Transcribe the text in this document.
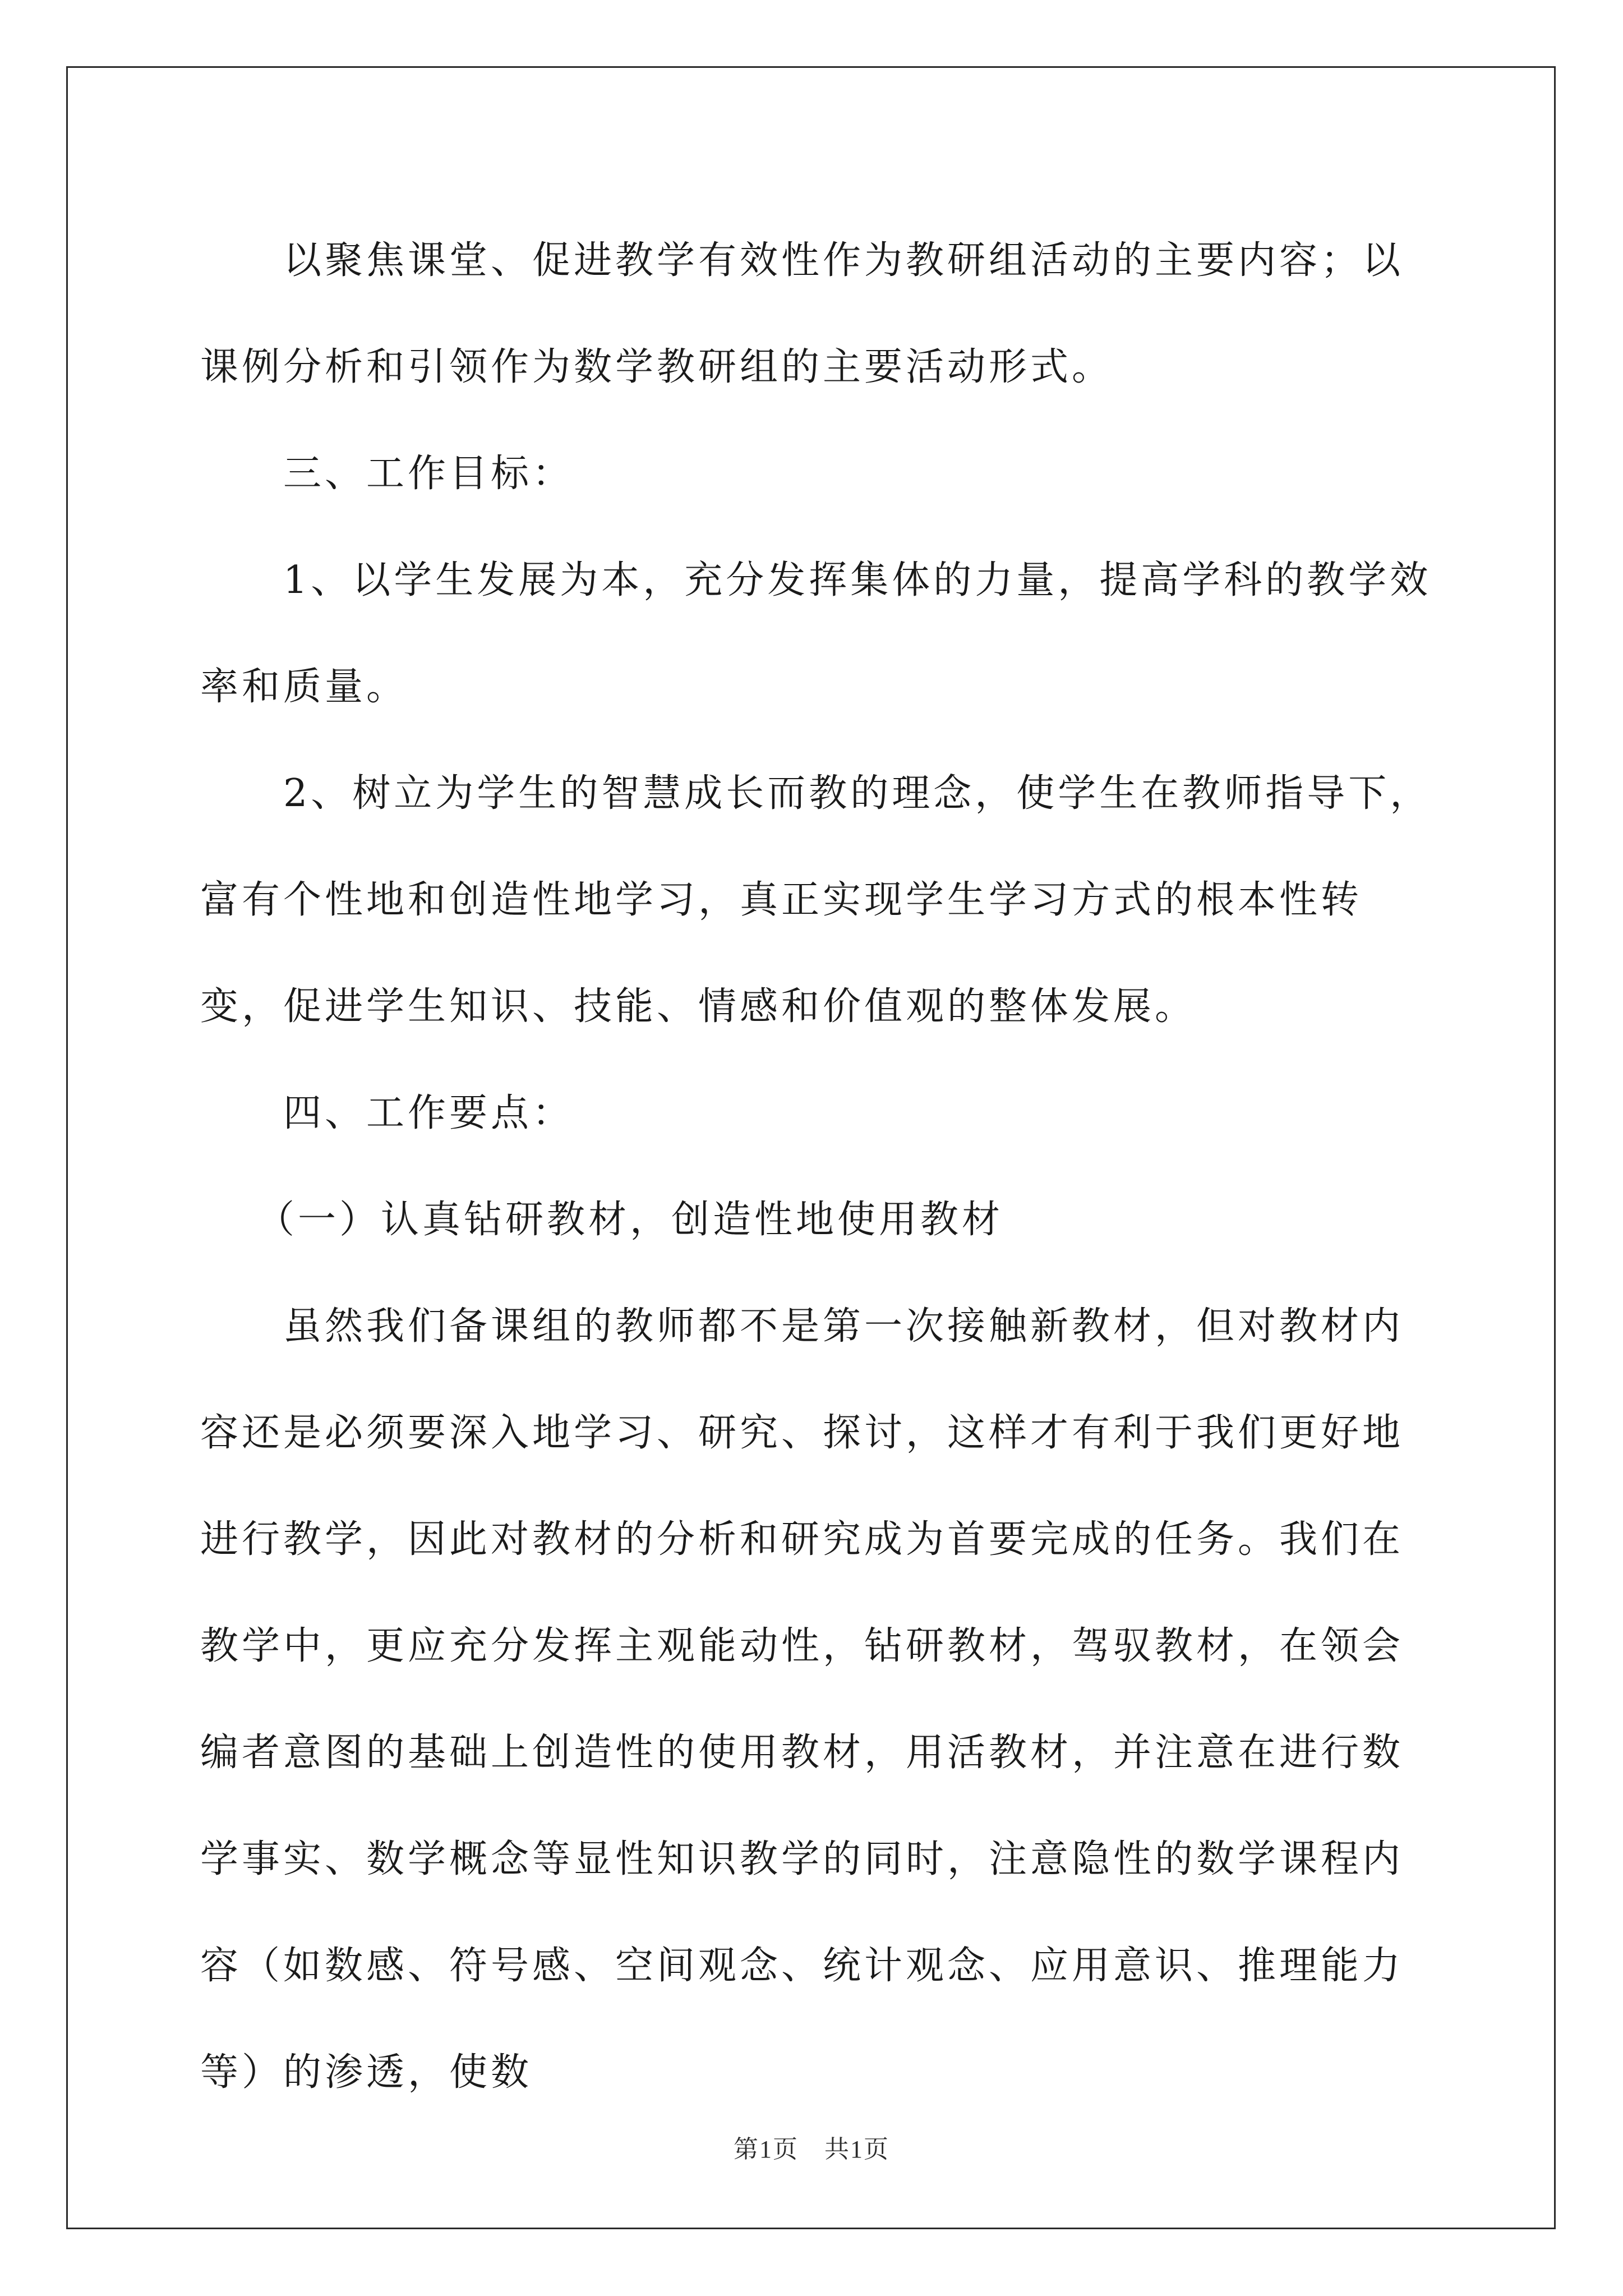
以聚焦课堂、促进教学有效性作为教研组活动的主要内容；以课例分析和引领作为数学教研组的主要活动形式。

三、工作目标：

1、以学生发展为本，充分发挥集体的力量，提高学科的教学效率和质量。

2、树立为学生的智慧成长而教的理念，使学生在教师指导下，富有个性地和创造性地学习，真正实现学生学习方式的根本性转变，促进学生知识、技能、情感和价值观的整体发展。

四、工作要点：

（一）认真钻研教材，创造性地使用教材

虽然我们备课组的教师都不是第一次接触新教材，但对教材内容还是必须要深入地学习、研究、探讨，这样才有利于我们更好地进行教学，因此对教材的分析和研究成为首要完成的任务。我们在教学中，更应充分发挥主观能动性，钻研教材，驾驭教材，在领会编者意图的基础上创造性的使用教材，用活教材，并注意在进行数学事实、数学概念等显性知识教学的同时，注意隐性的数学课程内容（如数感、符号感、空间观念、统计观念、应用意识、推理能力等）的渗透，使数

第1页　共1页
